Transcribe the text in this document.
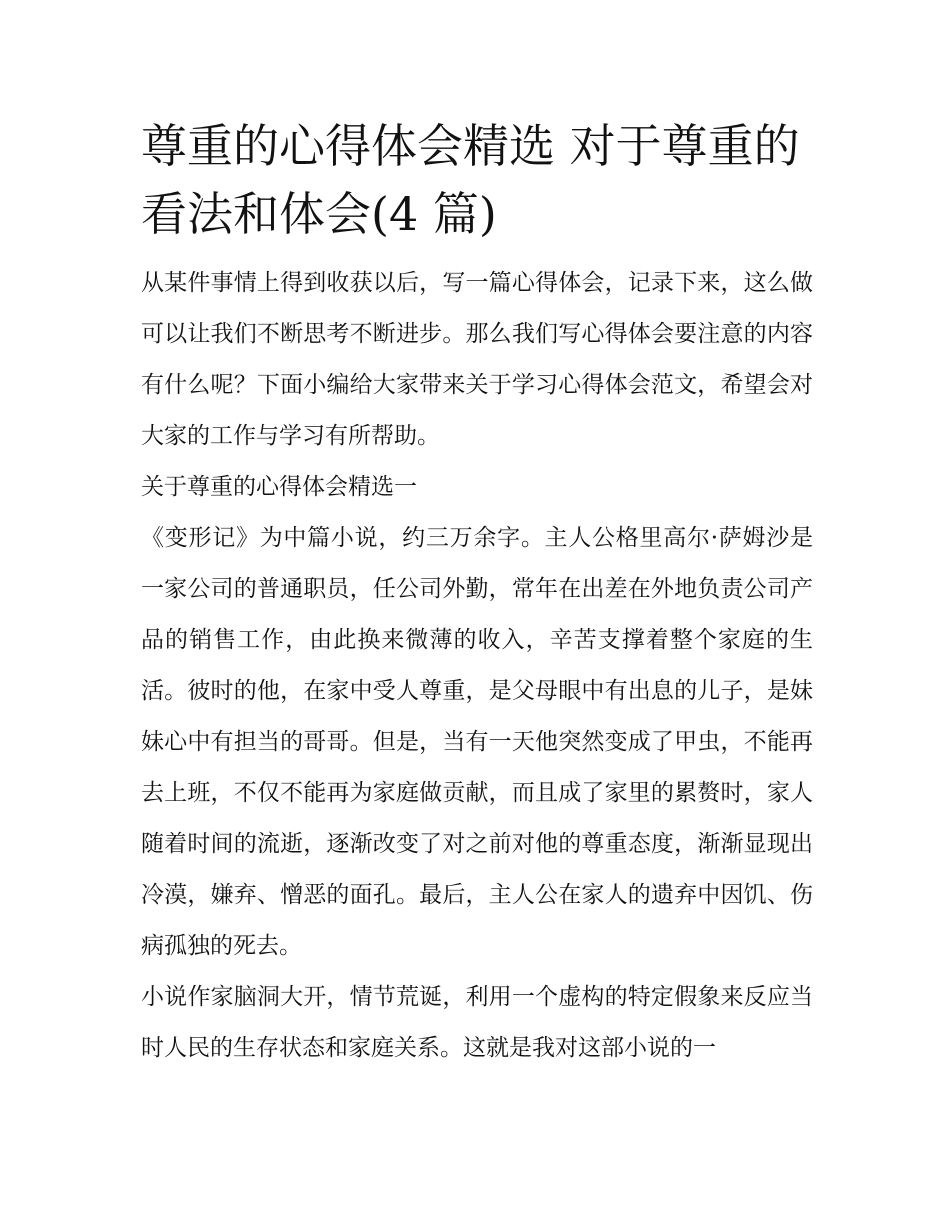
尊重的心得体会精选 对于尊重的看法和体会(4 篇)

从某件事情上得到收获以后，写一篇心得体会，记录下来，这么做可以让我们不断思考不断进步。那么我们写心得体会要注意的内容有什么呢？下面小编给大家带来关于学习心得体会范文，希望会对大家的工作与学习有所帮助。

关于尊重的心得体会精选一

《变形记》为中篇小说，约三万余字。主人公格里高尔·萨姆沙是一家公司的普通职员，任公司外勤，常年在出差在外地负责公司产品的销售工作，由此换来微薄的收入，辛苦支撑着整个家庭的生活。彼时的他，在家中受人尊重，是父母眼中有出息的儿子，是妹妹心中有担当的哥哥。但是，当有一天他突然变成了甲虫，不能再去上班，不仅不能再为家庭做贡献，而且成了家里的累赘时，家人随着时间的流逝，逐渐改变了对之前对他的尊重态度，渐渐显现出冷漠，嫌弃、憎恶的面孔。最后，主人公在家人的遗弃中因饥、伤病孤独的死去。

小说作家脑洞大开，情节荒诞，利用一个虚构的特定假象来反应当时人民的生存状态和家庭关系。这就是我对这部小说的一
